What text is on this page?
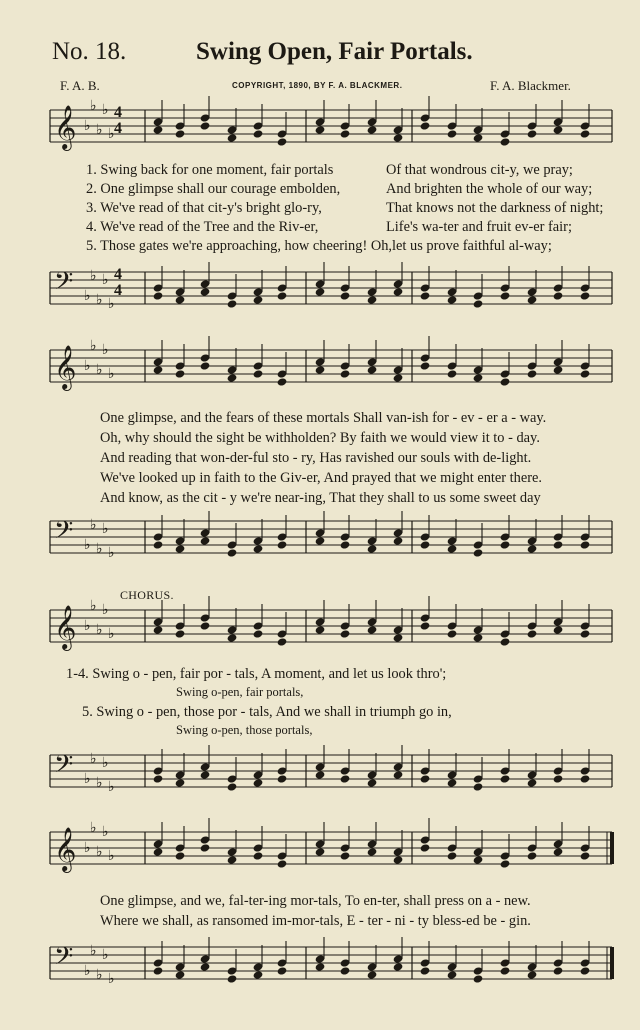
No. 18.	Swing Open, Fair Portals.
F. A. B.	COPYRIGHT, 1890, BY F. A. BLACKMER.	F. A. Blackmer.
𝄞 ♭
♭
♭
♭
♭
𝄢 ♭
♭
♭
♭
♭
𝄞 ♭
♭
♭
♭
♭
𝄢 ♭
♭
♭
♭
♭
𝄞 ♭
♭
♭
♭
♭
𝄢 ♭
♭
♭
♭
♭
𝄞 ♭
♭
♭
♭
♭
𝄢 ♭
♭
♭
♭
♭
4
4
4
4
1. Swing back for one moment, fair portals	Of that wondrous cit-y, we pray;
2. One glimpse shall our courage embolden,	And brighten the whole of our way;
3. We've read of that cit-y's bright glo-ry,	That knows not the darkness of night;
4. We've read of the Tree and the Riv-er,	Life's wa-ter and fruit ev-er fair;
5. Those gates we're approaching, how cheering! Oh,let us prove faithful al-way;
One glimpse, and the fears of these mortals Shall van-ish for - ev - er a - way.
Oh, why should the sight be withholden? By faith we would view it to - day.
And reading that won-der-ful sto - ry, Has ravished our souls with de-light.
We've looked up in faith to the Giv-er, And prayed that we might enter there.
And know, as the cit - y we're near-ing, That they shall to us some sweet day
CHORUS.
1-4. Swing o - pen, fair por - tals, A moment, and let us look thro';
Swing o-pen, fair portals,
5. Swing o - pen, those por - tals, And we shall in triumph go in,
Swing o-pen, those portals,
One glimpse, and we, fal-ter-ing mor-tals, To en-ter, shall press on a - new.
Where we shall, as ransomed im-mor-tals, E - ter - ni - ty bless-ed be - gin.
